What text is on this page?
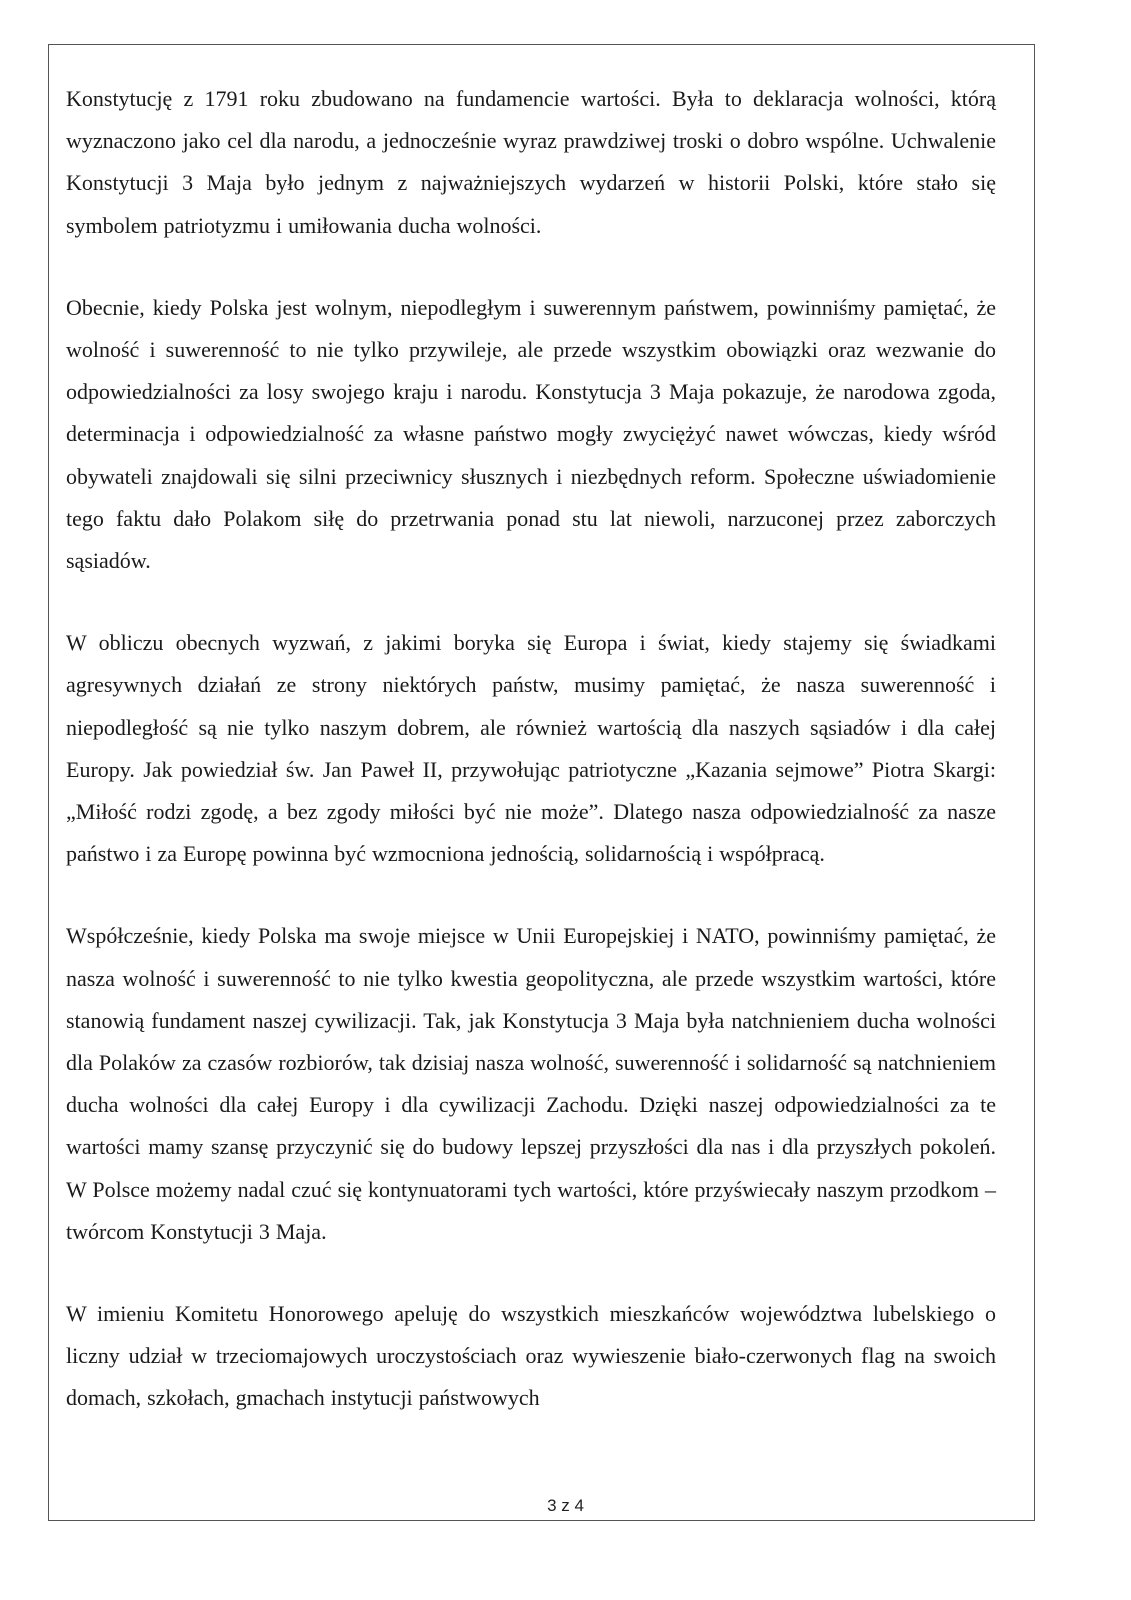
Konstytucję z 1791 roku zbudowano na fundamencie wartości. Była to deklaracja wolności, którą wyznaczono jako cel dla narodu, a jednocześnie wyraz prawdziwej troski o dobro wspólne. Uchwalenie Konstytucji 3 Maja było jednym z najważniejszych wydarzeń w historii Polski, które stało się symbolem patriotyzmu i umiłowania ducha wolności.

Obecnie, kiedy Polska jest wolnym, niepodległym i suwerennym państwem, powinniśmy pamiętać, że wolność i suwerenność to nie tylko przywileje, ale przede wszystkim obowiązki oraz wezwanie do odpowiedzialności za losy swojego kraju i narodu. Konstytucja 3 Maja pokazuje, że narodowa zgoda, determinacja i odpowiedzialność za własne państwo mogły zwyciężyć nawet wówczas, kiedy wśród obywateli znajdowali się silni przeciwnicy słusznych i niezbędnych reform. Społeczne uświadomienie tego faktu dało Polakom siłę do przetrwania ponad stu lat niewoli, narzuconej przez zaborczych sąsiadów.

W obliczu obecnych wyzwań, z jakimi boryka się Europa i świat, kiedy stajemy się świadkami agresywnych działań ze strony niektórych państw, musimy pamiętać, że nasza suwerenność i niepodległość są nie tylko naszym dobrem, ale również wartością dla naszych sąsiadów i dla całej Europy. Jak powiedział św. Jan Paweł II, przywołując patriotyczne „Kazania sejmowe” Piotra Skargi: „Miłość rodzi zgodę, a bez zgody miłości być nie może”. Dlatego nasza odpowiedzialność za nasze państwo i za Europę powinna być wzmocniona jednością, solidarnością i współpracą.

Współcześnie, kiedy Polska ma swoje miejsce w Unii Europejskiej i NATO, powinniśmy pamiętać, że nasza wolność i suwerenność to nie tylko kwestia geopolityczna, ale przede wszystkim wartości, które stanowią fundament naszej cywilizacji. Tak, jak Konstytucja 3 Maja była natchnieniem ducha wolności dla Polaków za czasów rozbiorów, tak dzisiaj nasza wolność, suwerenność i solidarność są natchnieniem ducha wolności dla całej Europy i dla cywilizacji Zachodu. Dzięki naszej odpowiedzialności za te wartości mamy szansę przyczynić się do budowy lepszej przyszłości dla nas i dla przyszłych pokoleń. W Polsce możemy nadal czuć się kontynuatorami tych wartości, które przyświecały naszym przodkom – twórcom Konstytucji 3 Maja.

W imieniu Komitetu Honorowego apeluję do wszystkich mieszkańców województwa lubelskiego o liczny udział w trzeciomajowych uroczystościach oraz wywieszenie biało-czerwonych flag na swoich domach, szkołach, gmachach instytucji państwowych

3 z 4
